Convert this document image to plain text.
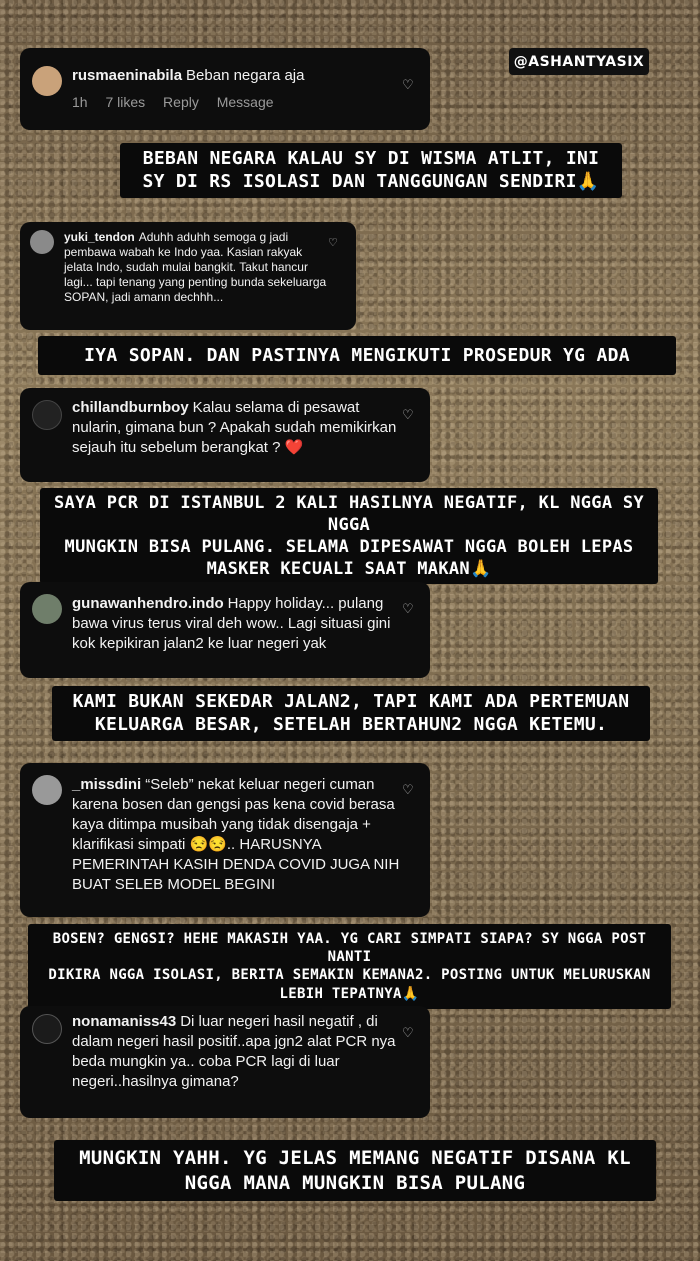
@ASHANTYASIX
rusmaeninabila Beban negara aja
1h 7 likes Reply Message
♡
BEBAN NEGARA KALAU SY DI WISMA ATLIT, INI
SY DI RS ISOLASI DAN TANGGUNGAN SENDIRI🙏
yuki_tendon Aduhh aduhh semoga g jadi pembawa wabah ke Indo yaa. Kasian rakyak jelata Indo, sudah mulai bangkit. Takut hancur lagi... tapi tenang yang penting bunda sekeluarga SOPAN, jadi amann dechhh...
♡
IYA SOPAN. DAN PASTINYA MENGIKUTI PROSEDUR YG ADA
chillandburnboy Kalau selama di pesawat nularin, gimana bun ? Apakah sudah memikirkan sejauh itu sebelum berangkat ? ❤️
♡
SAYA PCR DI ISTANBUL 2 KALI HASILNYA NEGATIF, KL NGGA SY NGGA
MUNGKIN BISA PULANG. SELAMA DIPESAWAT NGGA BOLEH LEPAS
MASKER KECUALI SAAT MAKAN🙏
gunawanhendro.indo Happy holiday... pulang bawa virus terus viral deh wow.. Lagi situasi gini kok kepikiran jalan2 ke luar negeri yak
♡
KAMI BUKAN SEKEDAR JALAN2, TAPI KAMI ADA PERTEMUAN
KELUARGA BESAR, SETELAH BERTAHUN2 NGGA KETEMU.
_missdini “Seleb” nekat keluar negeri cuman karena bosen dan gengsi pas kena covid berasa kaya ditimpa musibah yang tidak disengaja + klarifikasi simpati 😒😒.. HARUSNYA PEMERINTAH KASIH DENDA COVID JUGA NIH BUAT SELEB MODEL BEGINI
♡
BOSEN? GENGSI? HEHE MAKASIH YAA. YG CARI SIMPATI SIAPA? SY NGGA POST NANTI
DIKIRA NGGA ISOLASI, BERITA SEMAKIN KEMANA2. POSTING UNTUK MELURUSKAN
LEBIH TEPATNYA🙏
nonamaniss43 Di luar negeri hasil negatif , di dalam negeri hasil positif..apa jgn2 alat PCR nya beda mungkin ya.. coba PCR lagi di luar negeri..hasilnya gimana?
♡
MUNGKIN YAHH. YG JELAS MEMANG NEGATIF DISANA KL
NGGA MANA MUNGKIN BISA PULANG
